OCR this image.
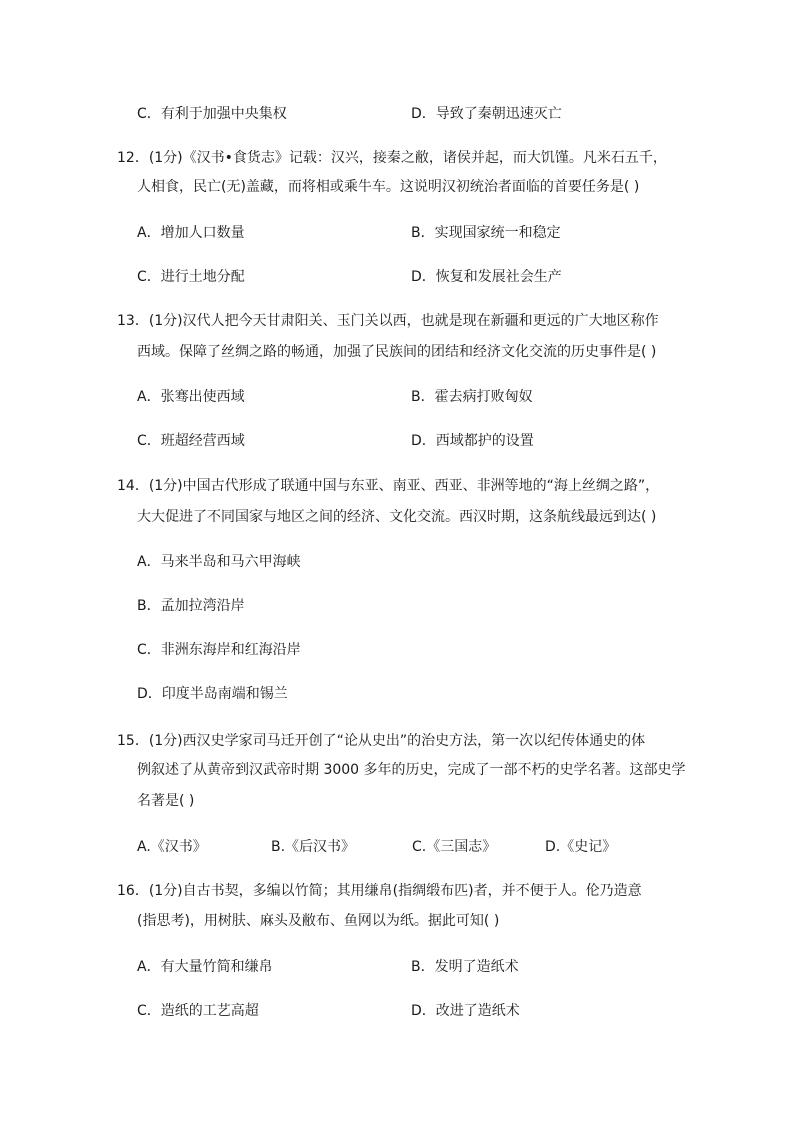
C．有利于加强中央集权	D．导致了秦朝迅速灭亡
12．(1分)《汉书•食货志》记载：汉兴，接秦之敝，诸侯并起，而大饥馑。凡米石五千，
人相食，民亡(无)盖藏，而将相或乘牛车。这说明汉初统治者面临的首要任务是( )
A．增加人口数量	B．实现国家统一和稳定
C．进行土地分配	D．恢复和发展社会生产
13．(1分)汉代人把今天甘肃阳关、玉门关以西，也就是现在新疆和更远的广大地区称作
西域。保障了丝绸之路的畅通，加强了民族间的团结和经济文化交流的历史事件是( )
A．张骞出使西域	B．霍去病打败匈奴
C．班超经营西域	D．西域都护的设置
14．(1分)中国古代形成了联通中国与东亚、南亚、西亚、非洲等地的“海上丝绸之路”，
大大促进了不同国家与地区之间的经济、文化交流。西汉时期，这条航线最远到达( )
A．马来半岛和马六甲海峡
B．孟加拉湾沿岸
C．非洲东海岸和红海沿岸
D．印度半岛南端和锡兰
15．(1分)西汉史学家司马迁开创了“论从史出”的治史方法，第一次以纪传体通史的体
例叙述了从黄帝到汉武帝时期 3000 多年的历史，完成了一部不朽的史学名著。这部史学
名著是( )
A.《汉书》	B.《后汉书》	C.《三国志》	D.《史记》
16．(1分)自古书契，多编以竹简；其用缣帛(指绸缎布匹)者，并不便于人。伦乃造意
(指思考)，用树肤、麻头及敝布、鱼网以为纸。据此可知( )
A．有大量竹简和缣帛	B．发明了造纸术
C．造纸的工艺高超	D．改进了造纸术
